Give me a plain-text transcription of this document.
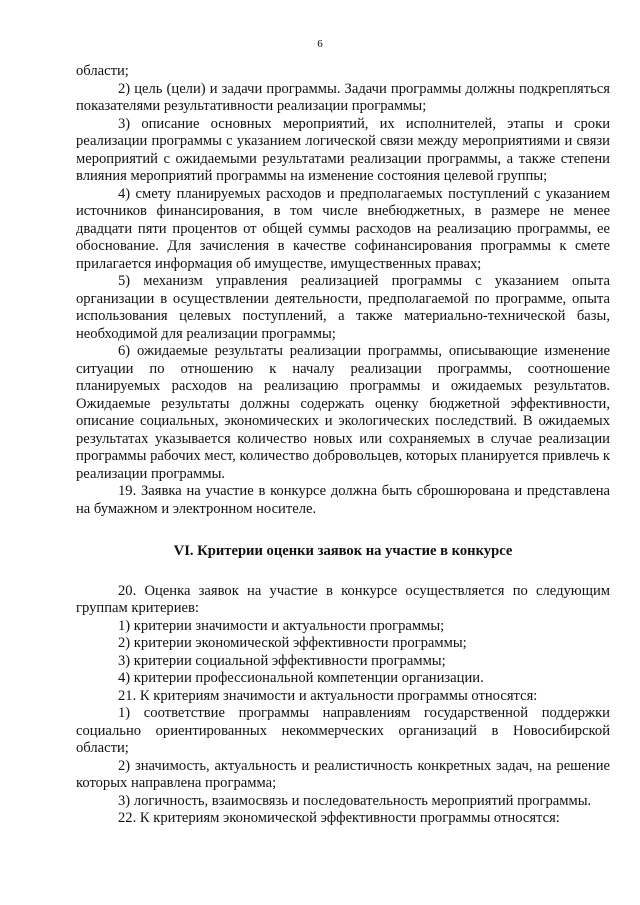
6

области;

2) цель (цели) и задачи программы. Задачи программы должны подкрепляться показателями результативности реализации программы;

3) описание основных мероприятий, их исполнителей, этапы и сроки реализации программы с указанием логической связи между мероприятиями и связи мероприятий с ожидаемыми результатами реализации программы, а также степени влияния мероприятий программы на изменение состояния целевой группы;

4) смету планируемых расходов и предполагаемых поступлений с указанием источников финансирования, в том числе внебюджетных, в размере не менее двадцати пяти процентов от общей суммы расходов на реализацию программы, ее обоснование. Для зачисления в качестве софинансирования программы к смете прилагается информация об имуществе, имущественных правах;

5) механизм управления реализацией программы с указанием опыта организации в осуществлении деятельности, предполагаемой по программе, опыта использования целевых поступлений, а также материально-технической базы, необходимой для реализации программы;

6) ожидаемые результаты реализации программы, описывающие изменение ситуации по отношению к началу реализации программы, соотношение планируемых расходов на реализацию программы и ожидаемых результатов. Ожидаемые результаты должны содержать оценку бюджетной эффективности, описание социальных, экономических и экологических последствий. В ожидаемых результатах указывается количество новых или сохраняемых в случае реализации программы рабочих мест, количество добровольцев, которых планируется привлечь к реализации программы.

19. Заявка на участие в конкурсе должна быть сброшюрована и представлена на бумажном и электронном носителе.

VI. Критерии оценки заявок на участие в конкурсе

20. Оценка заявок на участие в конкурсе осуществляется по следующим группам критериев:

1) критерии значимости и актуальности программы;

2) критерии экономической эффективности программы;

3) критерии социальной эффективности программы;

4) критерии профессиональной компетенции организации.

21. К критериям значимости и актуальности программы относятся:

1) соответствие программы направлениям государственной поддержки социально ориентированных некоммерческих организаций в Новосибирской области;

2) значимость, актуальность и реалистичность конкретных задач, на решение которых направлена программа;

3) логичность, взаимосвязь и последовательность мероприятий программы.

22. К критериям экономической эффективности программы относятся:
